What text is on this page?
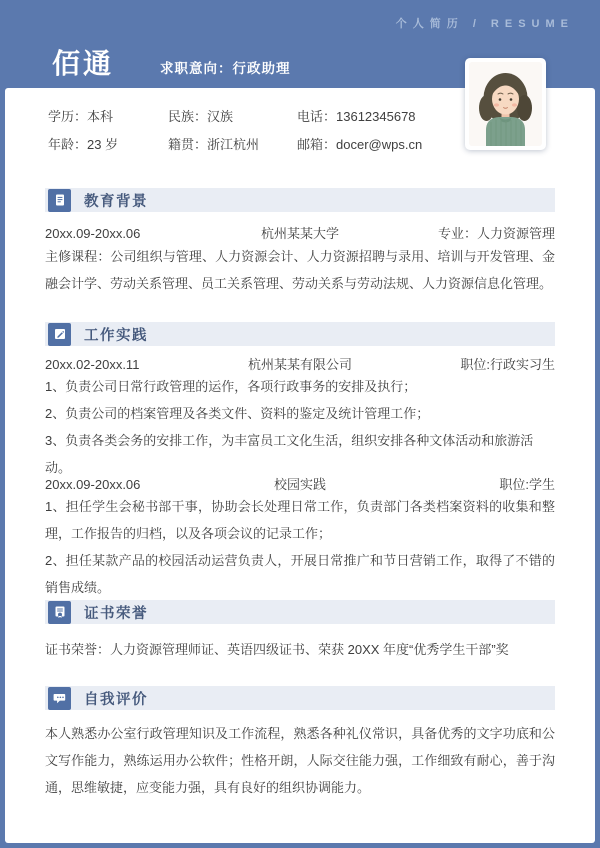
个人简历 / RESUME
佰通	求职意向：行政助理
学历：本科	民族：汉族	电话：13612345678
年龄：23 岁	籍贯：浙江杭州	邮箱：docer@wps.cn
教育背景
20xx.09-20xx.06	杭州某某大学	专业：人力资源管理
主修课程：公司组织与管理、人力资源会计、人力资源招聘与录用、培训与开发管理、金融会计学、劳动关系管理、员工关系管理、劳动关系与劳动法规、人力资源信息化管理。
工作实践
20xx.02-20xx.11	杭州某某有限公司	职位:行政实习生

1、负责公司日常行政管理的运作，各项行政事务的安排及执行；

2、负责公司的档案管理及各类文件、资料的鉴定及统计管理工作；

3、负责各类会务的安排工作，为丰富员工文化生活，组织安排各种文体活动和旅游活动。

20xx.09-20xx.06	校园实践	职位:学生

1、担任学生会秘书部干事，协助会长处理日常工作，负责部门各类档案资料的收集和整理，工作报告的归档，以及各项会议的记录工作；

2、担任某款产品的校园活动运营负责人，开展日常推广和节日营销工作，取得了不错的销售成绩。

证书荣誉
证书荣誉：人力资源管理师证、英语四级证书、荣获 20XX 年度“优秀学生干部”奖
自我评价
本人熟悉办公室行政管理知识及工作流程，熟悉各种礼仪常识，具备优秀的文字功底和公文写作能力，熟练运用办公软件；性格开朗，人际交往能力强，工作细致有耐心，善于沟通，思维敏捷，应变能力强，具有良好的组织协调能力。
